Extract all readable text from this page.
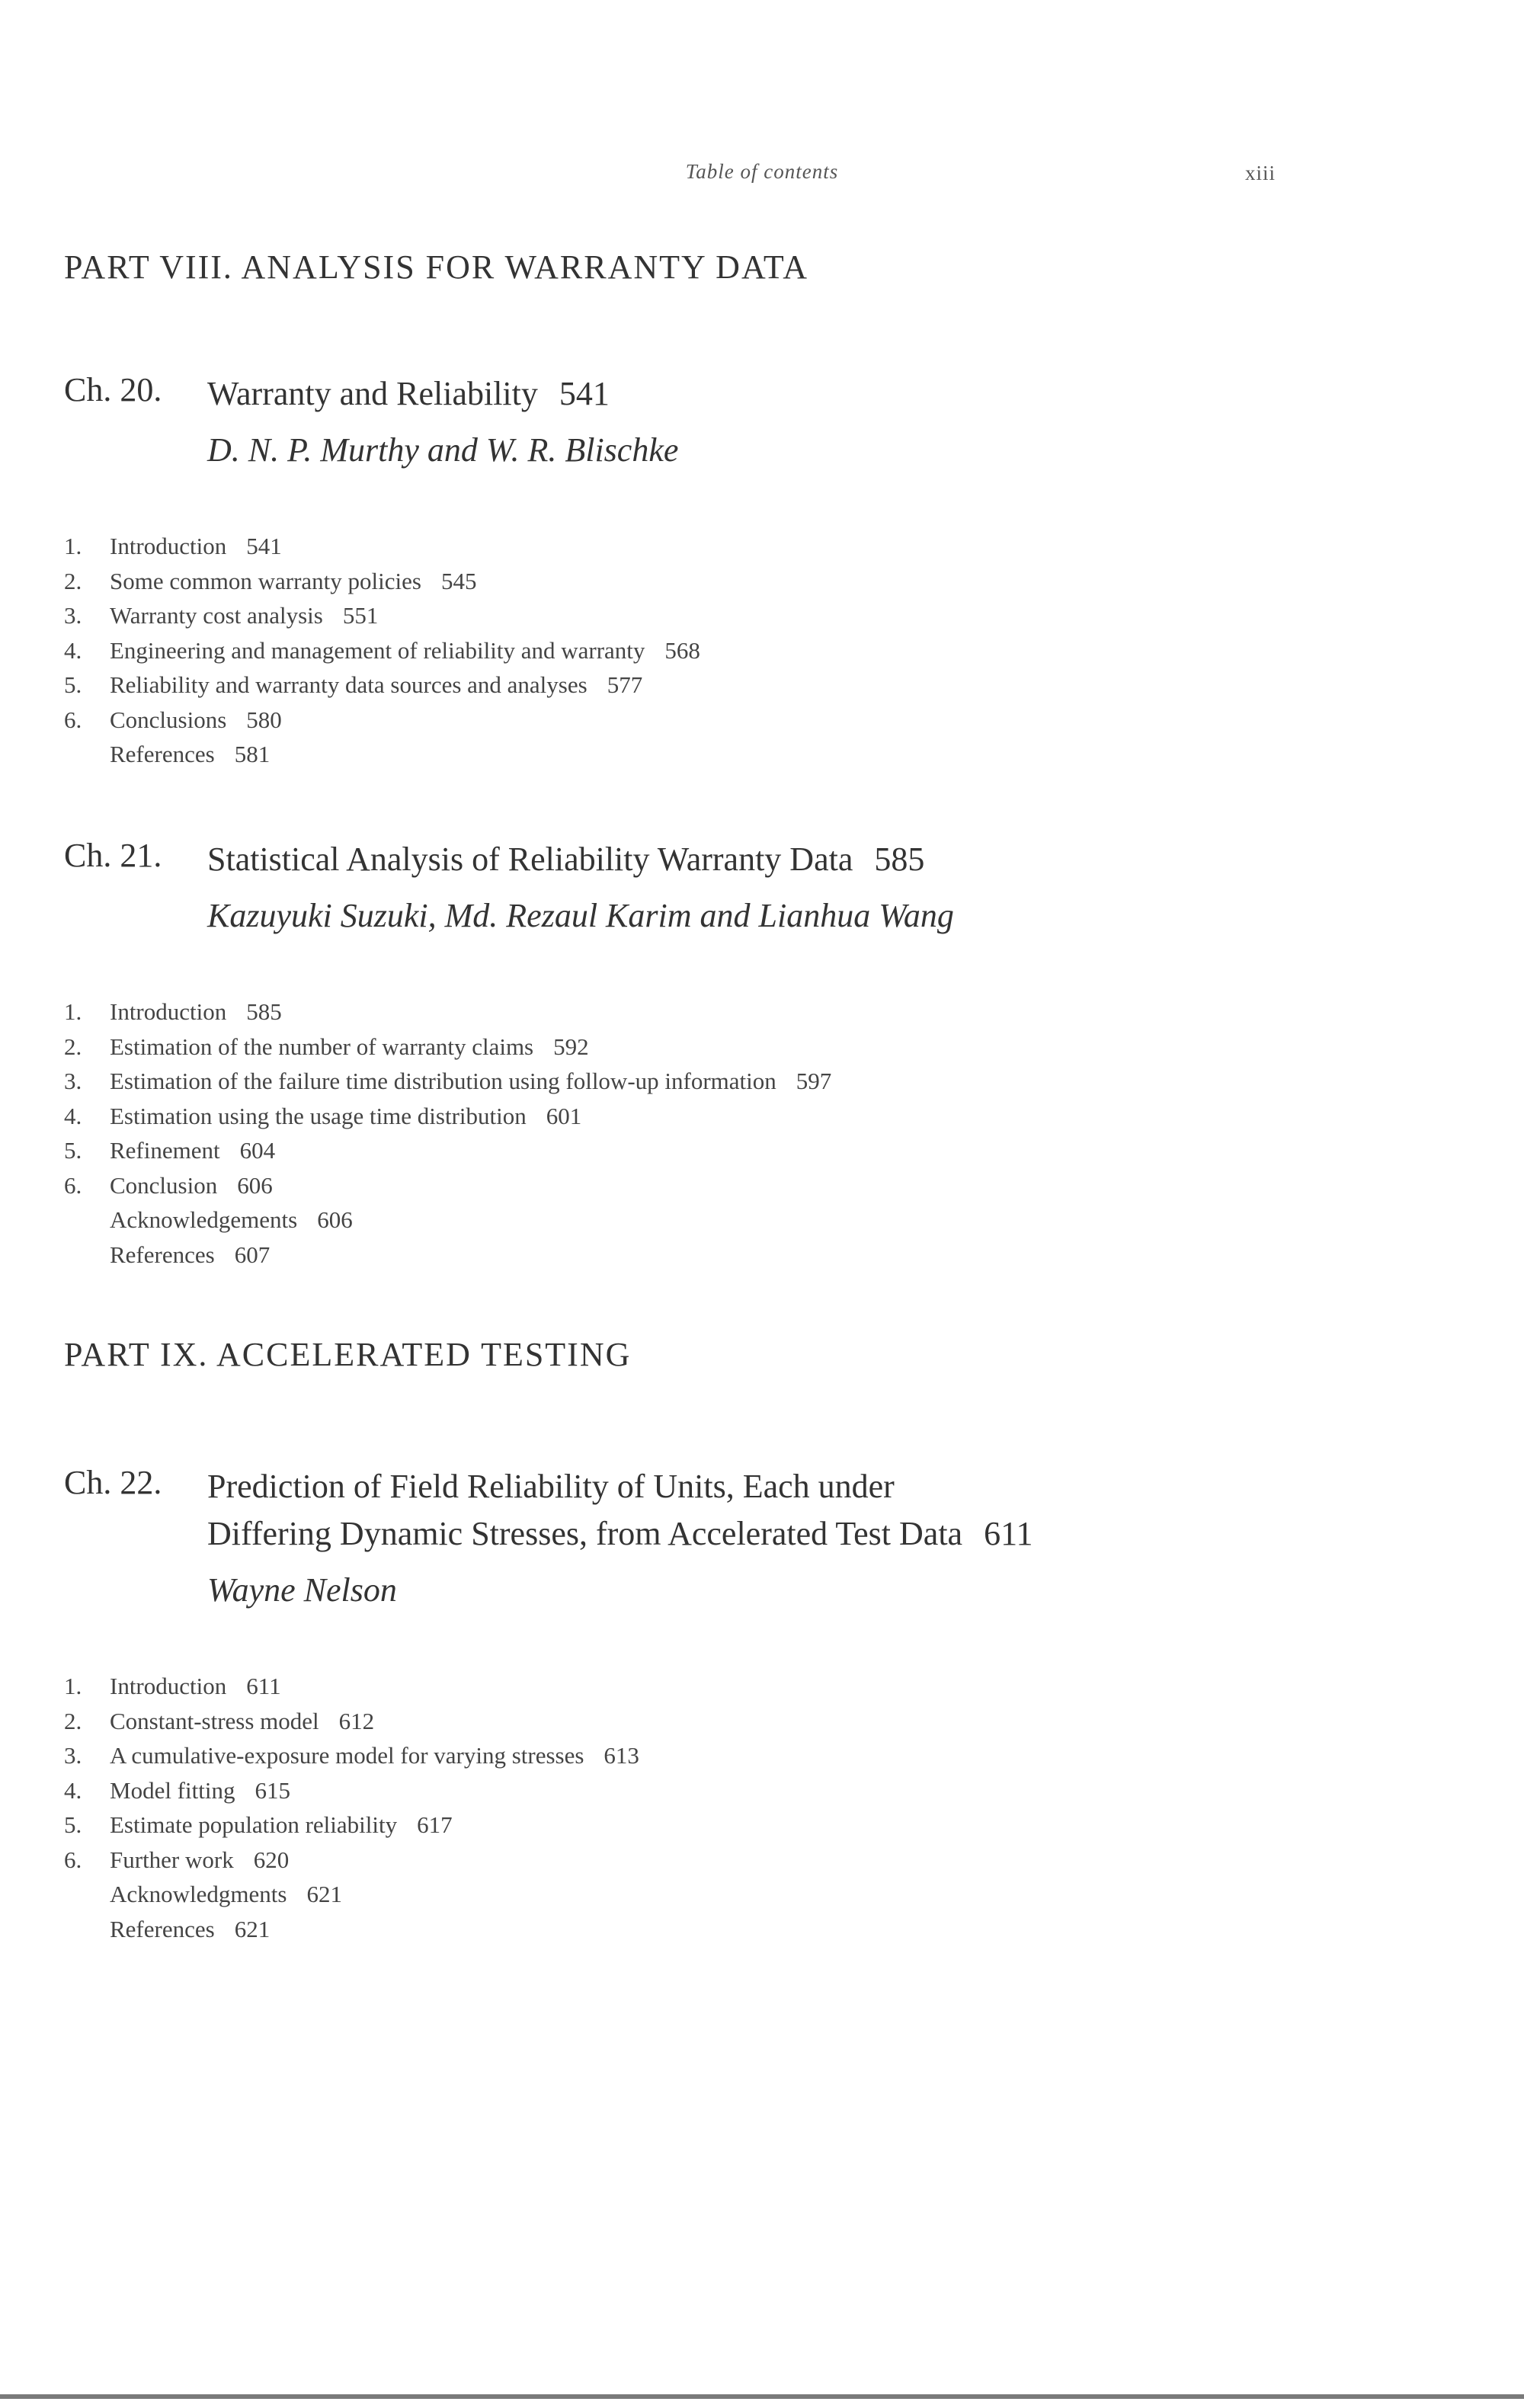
Table of contents	xiii
PART VIII. ANALYSIS FOR WARRANTY DATA
Ch. 20.	Warranty and Reliability 541
D. N. P. Murthy and W. R. Blischke
1.	Introduction 541
2.	Some common warranty policies 545
3.	Warranty cost analysis 551
4.	Engineering and management of reliability and warranty 568
5.	Reliability and warranty data sources and analyses 577
6.	Conclusions 580
References 581
Ch. 21.	Statistical Analysis of Reliability Warranty Data 585
Kazuyuki Suzuki, Md. Rezaul Karim and Lianhua Wang
1.	Introduction 585
2.	Estimation of the number of warranty claims 592
3.	Estimation of the failure time distribution using follow-up information 597
4.	Estimation using the usage time distribution 601
5.	Refinement 604
6.	Conclusion 606
Acknowledgements 606
References 607
PART IX. ACCELERATED TESTING
Ch. 22.	Prediction of Field Reliability of Units, Each under
Differing Dynamic Stresses, from Accelerated Test Data 611
Wayne Nelson
1.	Introduction 611
2.	Constant-stress model 612
3.	A cumulative-exposure model for varying stresses 613
4.	Model fitting 615
5.	Estimate population reliability 617
6.	Further work 620
Acknowledgments 621
References 621
